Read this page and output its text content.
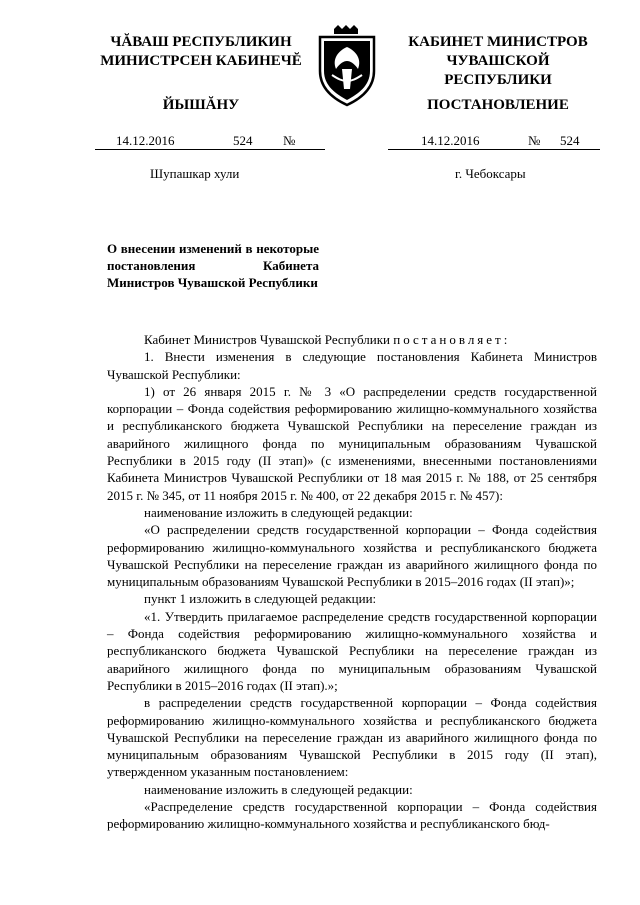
ЧĂВАШ РЕСПУБЛИКИН
МИНИСТРСЕН КАБИНЕЧĔ
ЙЫШĂНУ
КАБИНЕТ МИНИСТРОВ
ЧУВАШСКОЙ РЕСПУБЛИКИ
ПОСТАНОВЛЕНИЕ
14.12.2016	524 №	14.12.2016	№ 524
Шупашкар хули	г. Чебоксары
О внесении изменений в некоторые постановления Кабинета Министров Чувашской Республики

Кабинет Министров Чувашской Республики постановляет:

1. Внести изменения в следующие постановления Кабинета Министров Чувашской Республики:

1) от 26 января 2015 г. № 3 «О распределении средств государственной корпорации – Фонда содействия реформированию жилищно-коммунального хозяйства и республиканского бюджета Чувашской Республики на переселение граждан из аварийного жилищного фонда по муниципальным образованиям Чувашской Республики в 2015 году (II этап)» (с изменениями, внесенными постановлениями Кабинета Министров Чувашской Республики от 18 мая 2015 г. № 188, от 25 сентября 2015 г. № 345, от 11 ноября 2015 г. № 400, от 22 декабря 2015 г. № 457):

наименование изложить в следующей редакции:

«О распределении средств государственной корпорации – Фонда содействия реформированию жилищно-коммунального хозяйства и республиканского бюджета Чувашской Республики на переселение граждан из аварийного жилищного фонда по муниципальным образованиям Чувашской Республики в 2015–2016 годах (II этап)»;

пункт 1 изложить в следующей редакции:

«1. Утвердить прилагаемое распределение средств государственной корпорации – Фонда содействия реформированию жилищно-коммунального хозяйства и республиканского бюджета Чувашской Республики на переселение граждан из аварийного жилищного фонда по муниципальным образованиям Чувашской Республики в 2015–2016 годах (II этап).»;

в распределении средств государственной корпорации – Фонда содействия реформированию жилищно-коммунального хозяйства и республиканского бюджета Чувашской Республики на переселение граждан из аварийного жилищного фонда по муниципальным образованиям Чувашской Республики в 2015 году (II этап), утвержденном указанным постановлением:

наименование изложить в следующей редакции:

«Распределение средств государственной корпорации – Фонда содействия реформированию жилищно-коммунального хозяйства и республиканского бюд-
